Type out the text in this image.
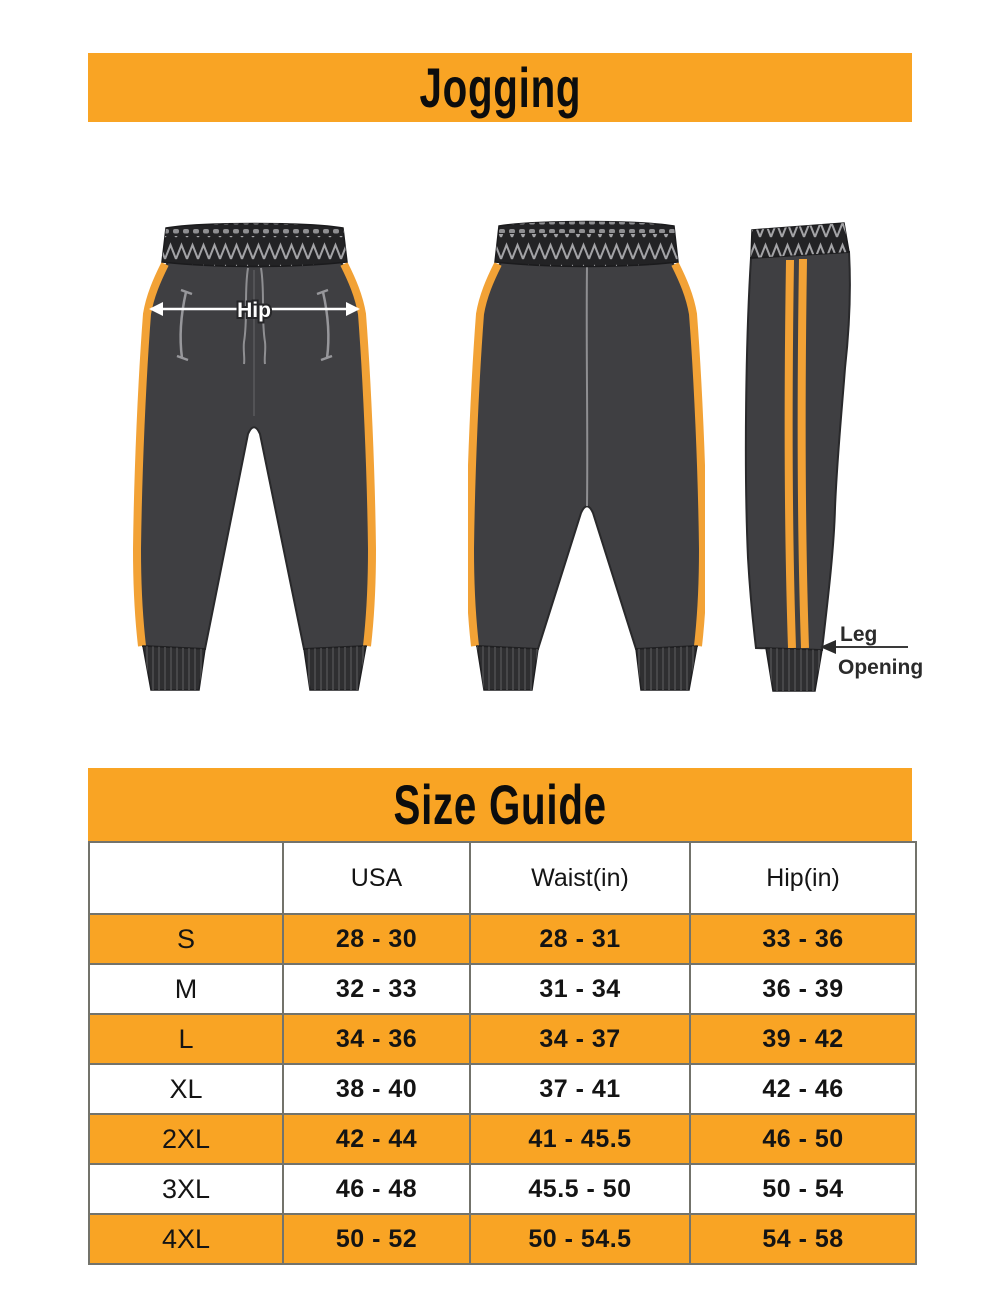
Jogging
Hip
Leg
Opening
Size Guide
	USA	Waist(in)	Hip(in)
S	28 - 30	28 - 31	33 - 36
M	32 - 33	31 - 34	36 - 39
L	34 - 36	34 - 37	39 - 42
XL	38 - 40	37 - 41	42 - 46
2XL	42 - 44	41 - 45.5	46 - 50
3XL	46 - 48	45.5 - 50	50 - 54
4XL	50 - 52	50 - 54.5	54 - 58
